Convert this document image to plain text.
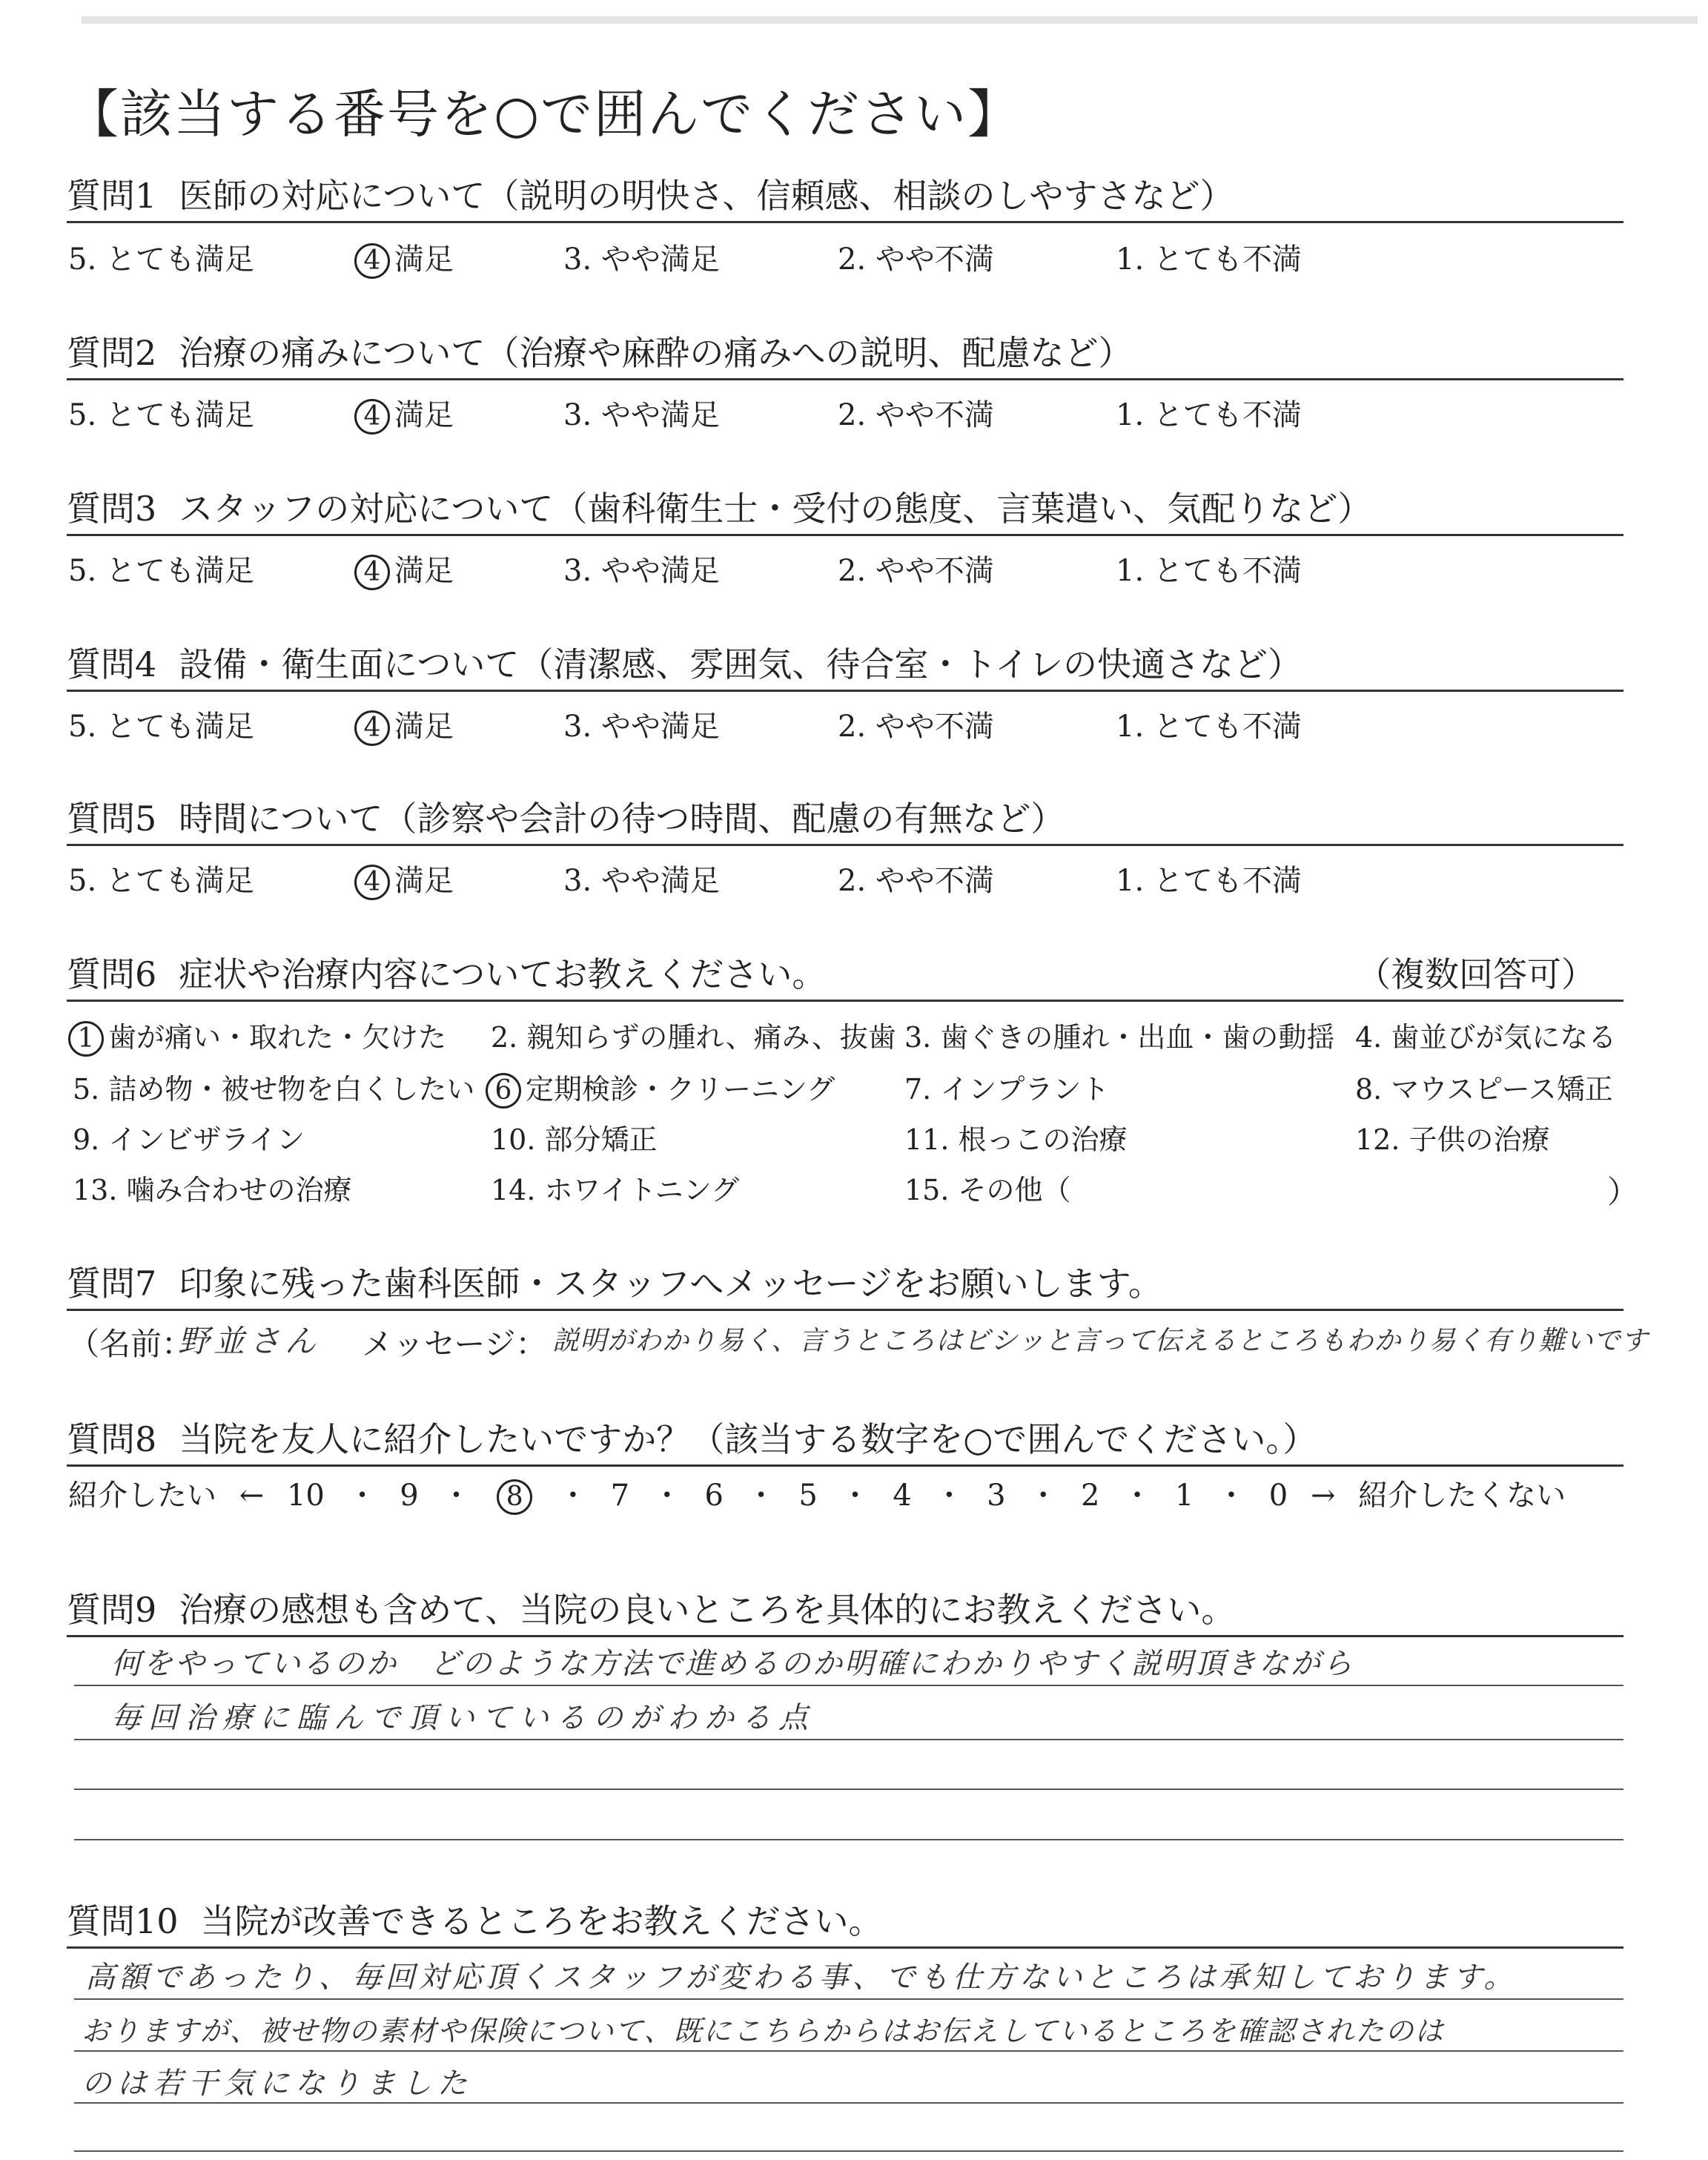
【該当する番号を○で囲んでください】
質問1 医師の対応について（説明の明快さ、信頼感、相談のしやすさなど）
5. とても満足	4 満足	3. やや満足	2. やや不満	1. とても不満
質問2 治療の痛みについて（治療や麻酔の痛みへの説明、配慮など）
5. とても満足	4 満足	3. やや満足	2. やや不満	1. とても不満
質問3 スタッフの対応について（歯科衛生士・受付の態度、言葉遣い、気配りなど）
5. とても満足	4 満足	3. やや満足	2. やや不満	1. とても不満
質問4 設備・衛生面について（清潔感、雰囲気、待合室・トイレの快適さなど）
5. とても満足	4 満足	3. やや満足	2. やや不満	1. とても不満
質問5 時間について（診察や会計の待つ時間、配慮の有無など）
5. とても満足	4 満足	3. やや満足	2. やや不満	1. とても不満
質問6 症状や治療内容についてお教えください。	（複数回答可）
1 歯が痛い・取れた・欠けた 2. 親知らずの腫れ、痛み、抜歯 3. 歯ぐきの腫れ・出血・歯の動揺 4. 歯並びが気になる
5. 詰め物・被せ物を白くしたい 6 定期検診・クリーニング 7. インプラント	8. マウスピース矯正
9. インビザライン	10. 部分矯正	11. 根っこの治療	12. 子供の治療
13. 噛み合わせの治療	14. ホワイトニング	15. その他（	）
質問7 印象に残った歯科医師・スタッフへメッセージをお願いします。
（名前：
野並さん メッセージ： 説明がわかり易く、言うところはビシッと言って伝えるところもわかり易く有り難いです
質問8 当院を友人に紹介したいですか？（該当する数字を○で囲んでください。）
紹介したい ← 10 ・ 9 ・ 8 ・ 7 ・ 6 ・ 5 ・ 4 ・ 3 ・ 2 ・ 1 ・ 0 → 紹介したくない
質問9 治療の感想も含めて、当院の良いところを具体的にお教えください。
何をやっているのか　どのような方法で進めるのか明確にわかりやすく説明頂きながら
毎回治療に臨んで頂いているのがわかる点
質問10 当院が改善できるところをお教えください。
高額であったり、毎回対応頂くスタッフが変わる事、でも仕方ないところは承知しております。
おりますが、被せ物の素材や保険について、既にこちらからはお伝えしているところを確認されたのは
のは若干気になりました
